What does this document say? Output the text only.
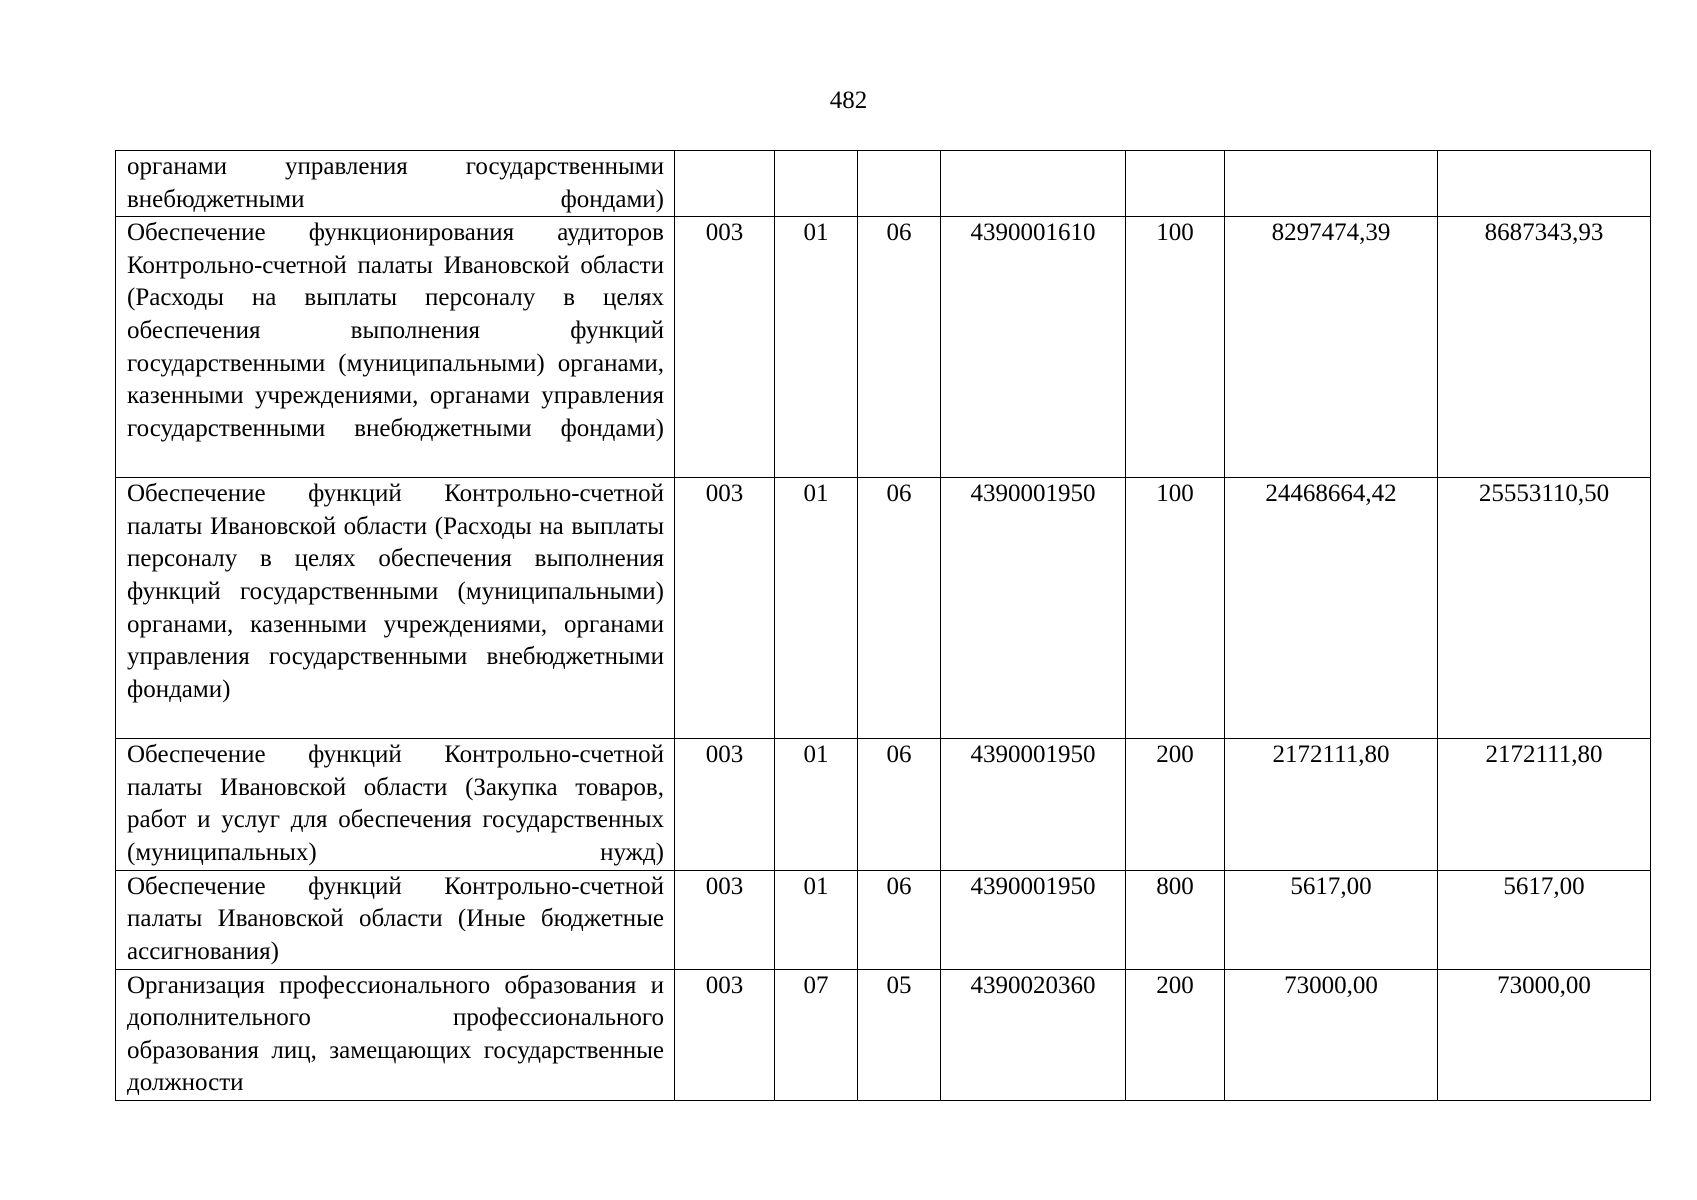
482
органами управления государственными внебюджетными фондами)							

Обеспечение функционирования аудиторов Контрольно-счетной палаты Ивановской области (Расходы на выплаты персоналу в целях обеспечения выполнения функций государственными (муниципальными) органами, казенными учреждениями, органами управления государственными внебюджетными фондами)	003	01	06	4390001610	100	8297474,39	8687343,93

Обеспечение функций Контрольно-счетной палаты Ивановской области (Расходы на выплаты персоналу в целях обеспечения выполнения функций государственными (муниципальными) органами, казенными учреждениями, органами управления государственными внебюджетными фондами)	003	01	06	4390001950	100	24468664,42	25553110,50

Обеспечение функций Контрольно-счетной палаты Ивановской области (Закупка товаров, работ и услуг для обеспечения государственных (муниципальных) нужд)	003	01	06	4390001950	200	2172111,80	2172111,80

Обеспечение функций Контрольно-счетной палаты Ивановской области (Иные бюджетные ассигнования)	003	01	06	4390001950	800	5617,00	5617,00

Организация профессионального образования и дополнительного профессионального образования лиц, замещающих государственные должности	003	07	05	4390020360	200	73000,00	73000,00
